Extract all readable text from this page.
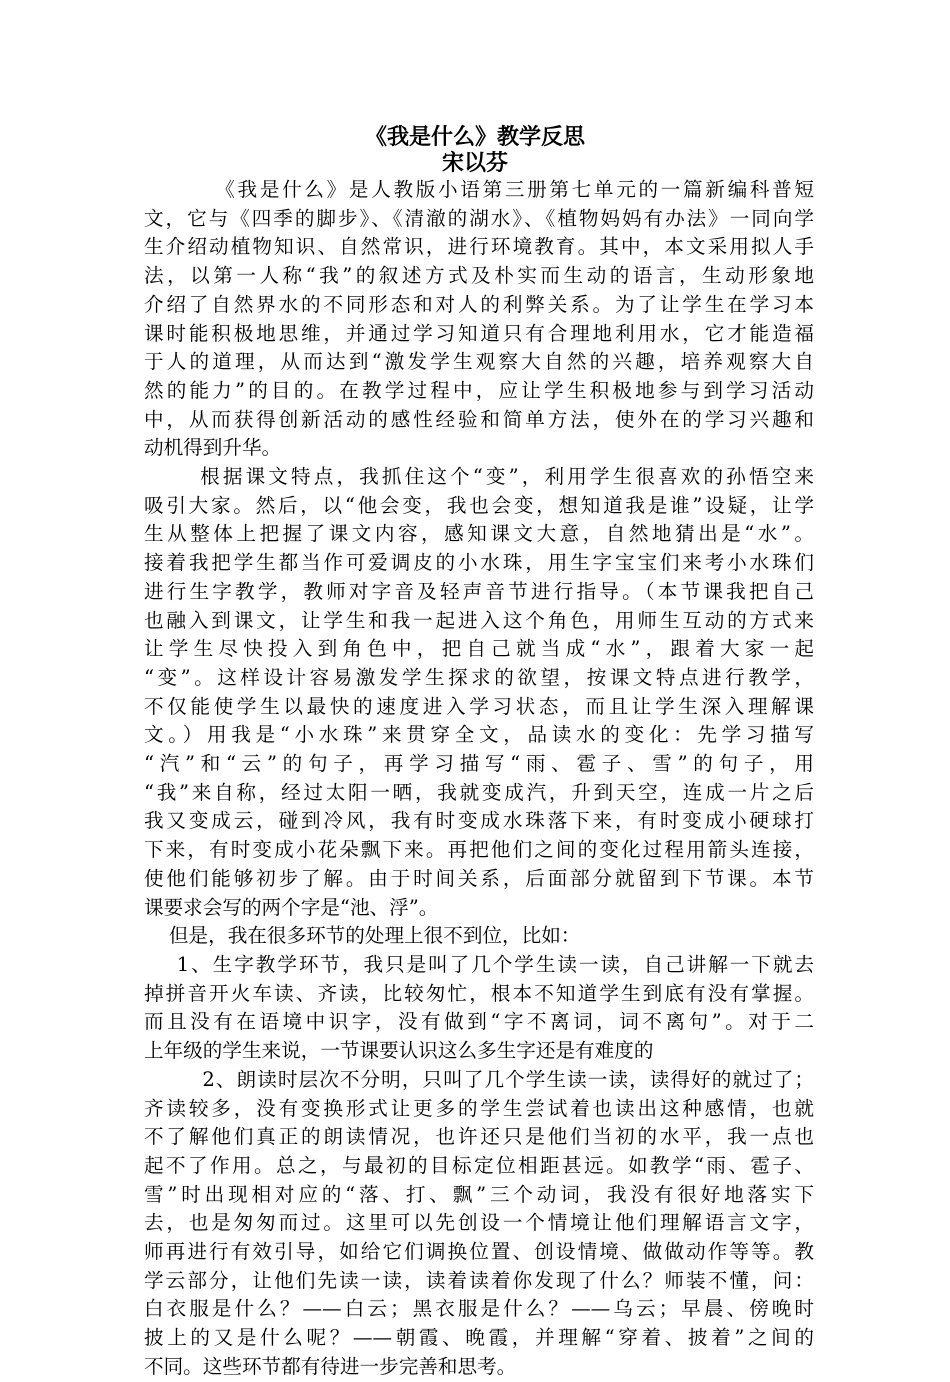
《我是什么》教学反思
宋以芬
《我是什么》是人教版小语第三册第七单元的一篇新编科普短
文，它与《四季的脚步》、《清澈的湖水》、《植物妈妈有办法》一同向学
生介绍动植物知识、自然常识，进行环境教育。其中，本文采用拟人手
法，以第一人称“我”的叙述方式及朴实而生动的语言，生动形象地
介绍了自然界水的不同形态和对人的利弊关系。为了让学生在学习本
课时能积极地思维，并通过学习知道只有合理地利用水，它才能造福
于人的道理，从而达到“激发学生观察大自然的兴趣，培养观察大自
然的能力”的目的。在教学过程中，应让学生积极地参与到学习活动
中，从而获得创新活动的感性经验和简单方法，使外在的学习兴趣和
动机得到升华。
根据课文特点，我抓住这个“变”，利用学生很喜欢的孙悟空来
吸引大家。然后，以“他会变，我也会变，想知道我是谁”设疑，让学
生从整体上把握了课文内容，感知课文大意，自然地猜出是“水”。
接着我把学生都当作可爱调皮的小水珠，用生字宝宝们来考小水珠们
进行生字教学，教师对字音及轻声音节进行指导。（本节课我把自己
也融入到课文，让学生和我一起进入这个角色，用师生互动的方式来
让学生尽快投入到角色中，把自己就当成“水”，跟着大家一起
“变”。这样设计容易激发学生探求的欲望，按课文特点进行教学，
不仅能使学生以最快的速度进入学习状态，而且让学生深入理解课
文。）用我是“小水珠”来贯穿全文，品读水的变化：先学习描写
“汽”和“云”的句子，再学习描写“雨、雹子、雪”的句子，用
“我”来自称，经过太阳一晒，我就变成汽，升到天空，连成一片之后
我又变成云，碰到冷风，我有时变成水珠落下来，有时变成小硬球打
下来，有时变成小花朵飘下来。再把他们之间的变化过程用箭头连接，
使他们能够初步了解。由于时间关系，后面部分就留到下节课。本节
课要求会写的两个字是“池、浮”。
但是，我在很多环节的处理上很不到位，比如：
1、生字教学环节，我只是叫了几个学生读一读，自己讲解一下就去
掉拼音开火车读、齐读，比较匆忙，根本不知道学生到底有没有掌握。
而且没有在语境中识字，没有做到“字不离词，词不离句”。对于二
上年级的学生来说，一节课要认识这么多生字还是有难度的
2、朗读时层次不分明，只叫了几个学生读一读，读得好的就过了；
齐读较多，没有变换形式让更多的学生尝试着也读出这种感情，也就
不了解他们真正的朗读情况，也许还只是他们当初的水平，我一点也
起不了作用。总之，与最初的目标定位相距甚远。如教学“雨、雹子、
雪”时出现相对应的“落、打、飘”三个动词，我没有很好地落实下
去，也是匆匆而过。这里可以先创设一个情境让他们理解语言文字，
师再进行有效引导，如给它们调换位置、创设情境、做做动作等等。教
学云部分，让他们先读一读，读着读着你发现了什么？师装不懂，问：
白衣服是什么？——白云；黑衣服是什么？——乌云；早晨、傍晚时
披上的又是什么呢？——朝霞、晚霞，并理解“穿着、披着”之间的
不同。这些环节都有待进一步完善和思考。
